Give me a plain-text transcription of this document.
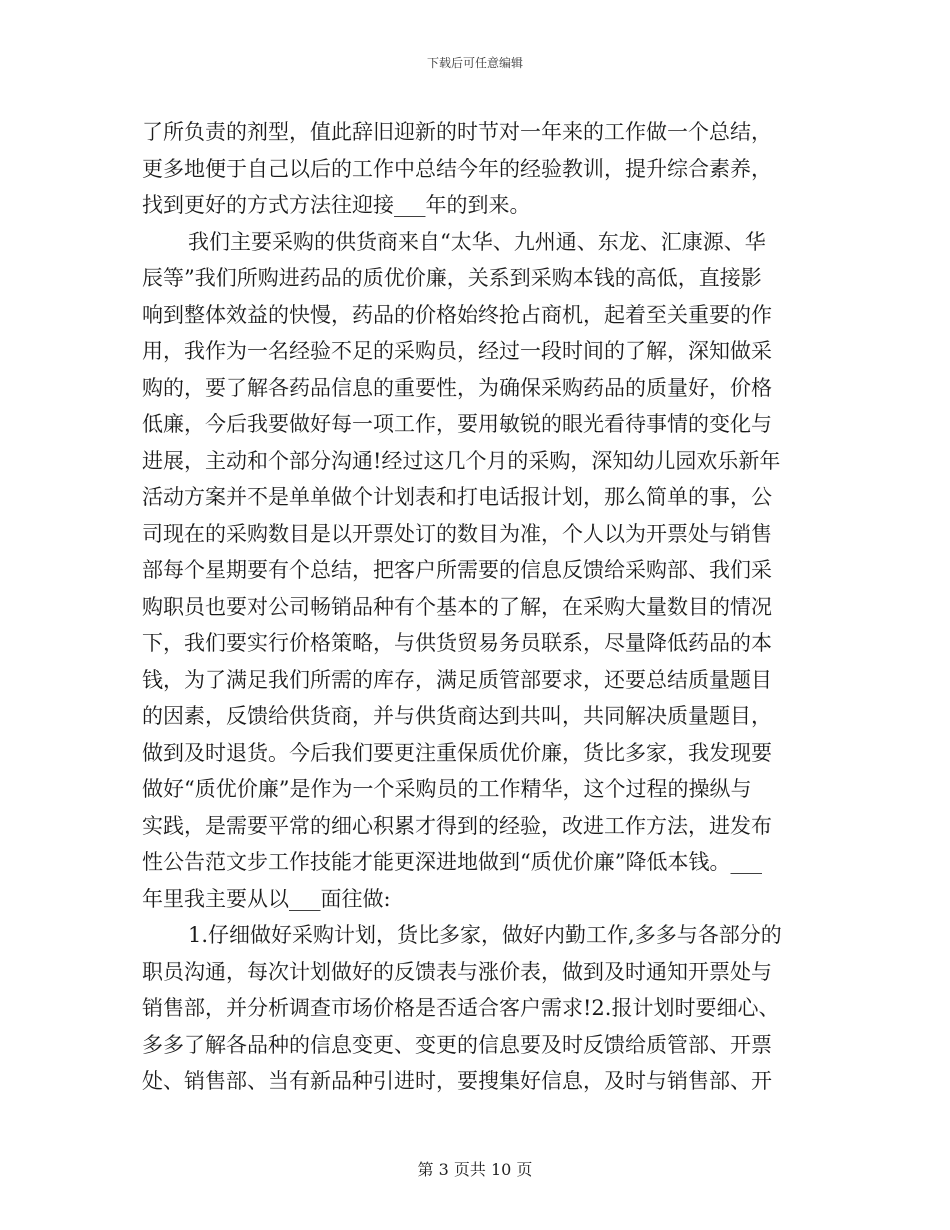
下载后可任意编辑
了所负责的剂型，值此辞旧迎新的时节对一年来的工作做一个总结，
更多地便于自己以后的工作中总结今年的经验教训，提升综合素养，
找到更好的方式方法往迎接___年的到来。
我们主要采购的供货商来自“太华、九州通、东龙、汇康源、华
辰等”我们所购进药品的质优价廉，关系到采购本钱的高低，直接影
响到整体效益的快慢，药品的价格始终抢占商机，起着至关重要的作
用，我作为一名经验不足的采购员，经过一段时间的了解，深知做采
购的，要了解各药品信息的重要性，为确保采购药品的质量好，价格
低廉，今后我要做好每一项工作，要用敏锐的眼光看待事情的变化与
进展，主动和个部分沟通!经过这几个月的采购，深知幼儿园欢乐新年
活动方案并不是单单做个计划表和打电话报计划，那么简单的事，公
司现在的采购数目是以开票处订的数目为准，个人以为开票处与销售
部每个星期要有个总结，把客户所需要的信息反馈给采购部、我们采
购职员也要对公司畅销品种有个基本的了解，在采购大量数目的情况
下，我们要实行价格策略，与供货贸易务员联系，尽量降低药品的本
钱，为了满足我们所需的库存，满足质管部要求，还要总结质量题目
的因素，反馈给供货商，并与供货商达到共叫，共同解决质量题目，
做到及时退货。今后我们要更注重保质优价廉，货比多家，我发现要
做好“质优价廉”是作为一个采购员的工作精华，这个过程的操纵与
实践，是需要平常的细心积累才得到的经验，改进工作方法，进发布
性公告范文步工作技能才能更深进地做到“质优价廉”降低本钱。___
年里我主要从以___面往做:
1.仔细做好采购计划，货比多家，做好内勤工作,多多与各部分的
职员沟通，每次计划做好的反馈表与涨价表，做到及时通知开票处与
销售部，并分析调查市场价格是否适合客户需求!2.报计划时要细心、
多多了解各品种的信息变更、变更的信息要及时反馈给质管部、开票
处、销售部、当有新品种引进时，要搜集好信息，及时与销售部、开
第 3 页共 10 页
